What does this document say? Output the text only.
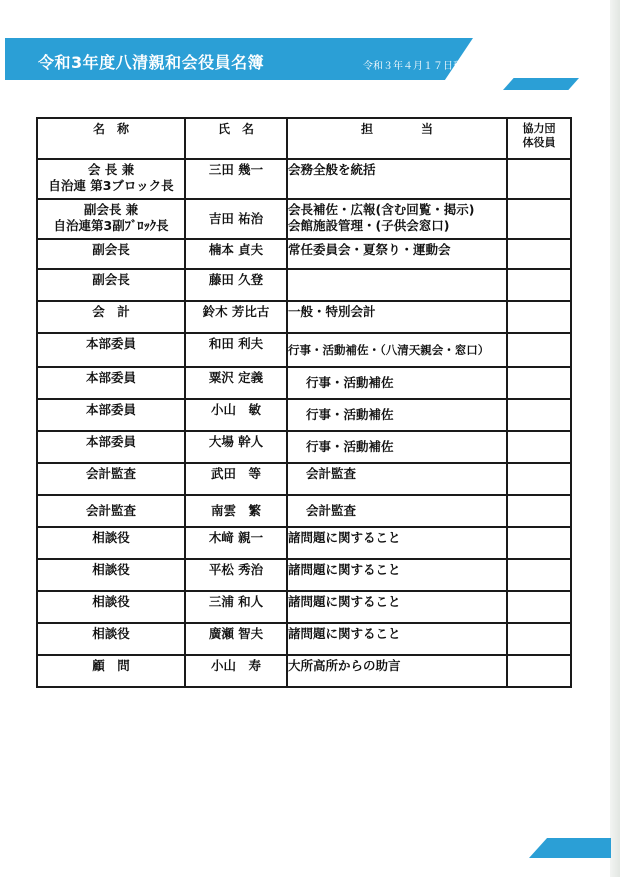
令和3年度八清親和会役員名簿	令和３年４月１７日現在
名　称	氏　名	担　　　　当	協力団
体役員

会 長 兼
自治連 第3ブロック長	三田 幾一	会務全般を統括	

副会長 兼
自治連第3副ﾌﾞﾛｯｸ長	吉田 祐治	会長補佐・広報(含む回覧・掲示)
会館施設管理・(子供会窓口)	

副会長	楠本 貞夫	常任委員会・夏祭り・運動会	
副会長	藤田 久登		
会　計	鈴木 芳比古	一般・特別会計	
本部委員	和田 利夫	行事・活動補佐・（八清天親会・窓口）	
本部委員	粟沢 定義	行事・活動補佐	
本部委員	小山　敏	行事・活動補佐	
本部委員	大場 幹人	行事・活動補佐	
会計監査	武田　等	会計監査	
会計監査	南雲　繁	会計監査	
相談役	木﨑 親一	諸問題に関すること	
相談役	平松 秀治	諸問題に関すること	
相談役	三浦 和人	諸問題に関すること	
相談役	廣瀬 智夫	諸問題に関すること	
顧　問	小山　寿	大所高所からの助言	
